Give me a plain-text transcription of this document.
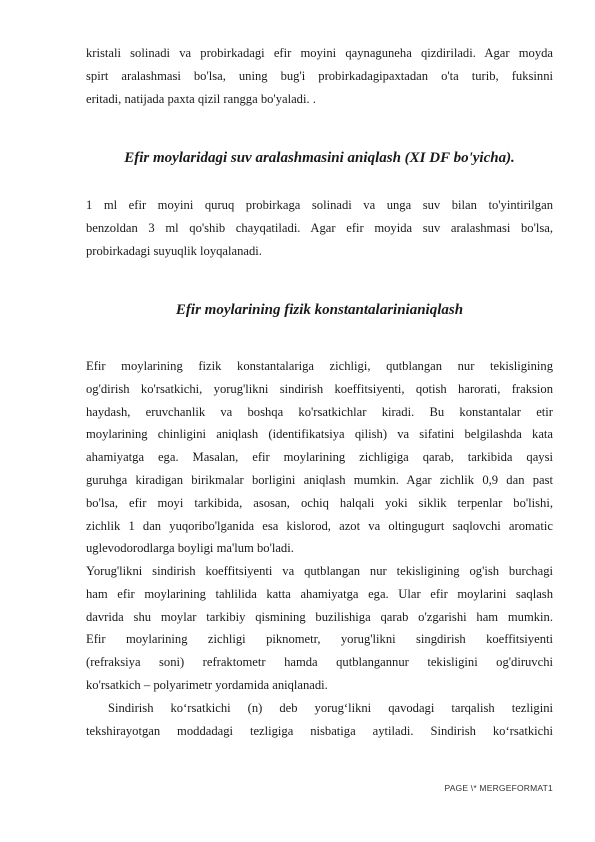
kristali solinadi va probirkadagi efir moyini qaynaguneha qizdiriladi. Agar moyda
spirt aralashmasi bo'lsa, uning bug'i probirkadagipaxtadan o'ta turib, fuksinni
eritadi, natijada paxta qizil rangga bo'yaladi. .
Efir moylaridagi suv aralashmasini aniqlash (XI DF bo'yicha).
1 ml efir moyini quruq probirkaga solinadi va unga suv bilan to'yintirilgan
benzoldan 3 ml qo'shib chayqatiladi. Agar efir moyida suv aralashmasi bo'lsa,
probirkadagi suyuqlik loyqalanadi.
Efir moylarining fizik konstantalarinianiqlash
Efir moylarining fizik konstantalariga zichligi, qutblangan nur tekisligining
og'dirish ko'rsatkichi, yorug'likni sindirish koeffitsiyenti, qotish harorati, fraksion
haydash, eruvchanlik va boshqa ko'rsatkichlar kiradi. Bu konstantalar etir
moylarining chinligini aniqlash (identifikatsiya qilish) va sifatini belgilashda kata
ahamiyatga ega. Masalan, efir moylarining zichligiga qarab, tarkibida qaysi
guruhga kiradigan birikmalar borligini aniqlash mumkin. Agar zichlik 0,9 dan past
bo'lsa, efir moyi tarkibida, asosan, ochiq halqali yoki siklik terpenlar bo'lishi,
zichlik 1 dan yuqoribo'lganida esa kislorod, azot va oltingugurt saqlovchi aromatic
uglevodorodlarga boyligi ma'lum bo'ladi.
Yorug'likni sindirish koeffitsiyenti va qutblangan nur tekisligining og'ish burchagi
ham efir moylarining tahlilida katta ahamiyatga ega. Ular efir moylarini saqlash
davrida shu moylar tarkibiy qismining buzilishiga qarab o'zgarishi ham mumkin.
Efir moylarining zichligi piknometr, yorug'likni singdirish koeffitsiyenti
(refraksiya soni) refraktometr hamda qutblangannur tekisligini og'diruvchi
ko'rsatkich – polyarimetr yordamida aniqlanadi.
Sindirish ko‘rsatkichi (n) deb yorug‘likni qavodagi tarqalish tezligini
tekshirayotgan moddadagi tezligiga nisbatiga aytiladi. Sindirish ko‘rsatkichi
PAGE \* MERGEFORMAT1
